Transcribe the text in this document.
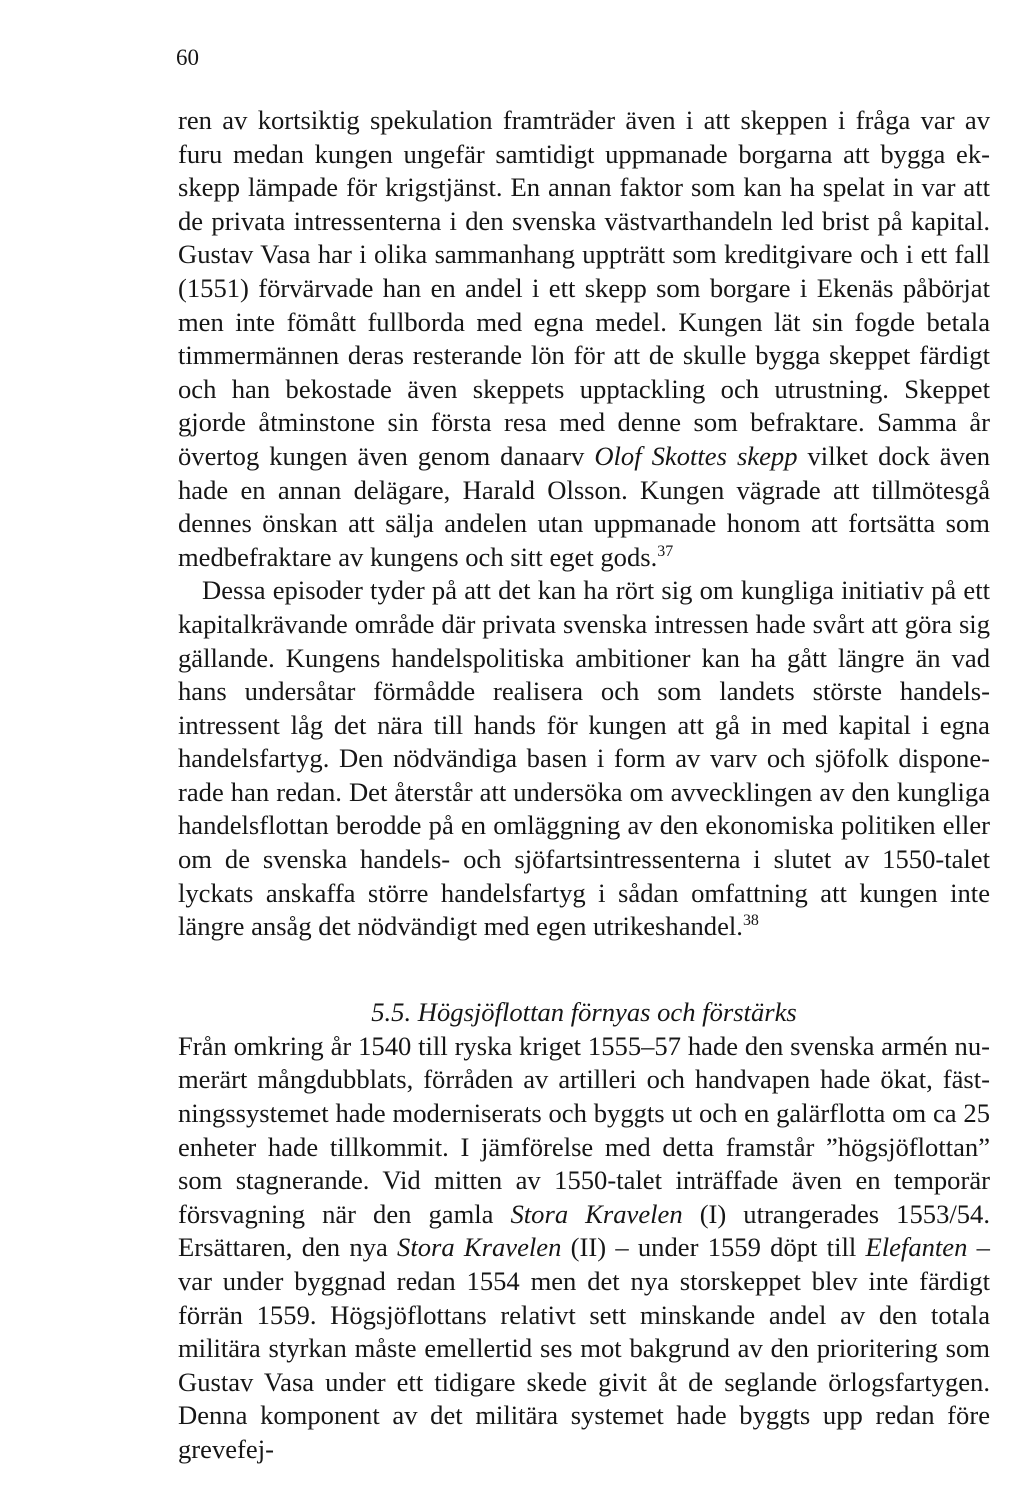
60

ren av kortsiktig spekulation framträder även i att skeppen i fråga var av furu medan kungen ungefär samtidigt uppmanade borgarna att bygga ekskepp lämpade för krigstjänst. En annan faktor som kan ha spelat in var att de privata intressenterna i den svenska västvarthandeln led brist på kapital. Gustav Vasa har i olika sammanhang uppträtt som kreditgivare och i ett fall (1551) förvärvade han en andel i ett skepp som borgare i Ekenäs påbörjat men inte fömått fullborda med egna medel. Kungen lät sin fogde betala timmermännen deras resterande lön för att de skulle bygga skeppet färdigt och han bekostade även skeppets upptackling och utrustning. Skeppet gjorde åtminstone sin första resa med denne som befraktare. Samma år övertog kungen även genom danaarv Olof Skottes skepp vilket dock även hade en annan delägare, Harald Olsson. Kungen vägrade att tillmötesgå dennes önskan att sälja andelen utan uppmanade honom att fortsätta som medbefraktare av kungens och sitt eget gods.$^{37}$

Dessa episoder tyder på att det kan ha rört sig om kungliga initiativ på ett kapitalkrävande område där privata svenska intressen hade svårt att göra sig gällande. Kungens handelspolitiska ambitioner kan ha gått längre än vad hans undersåtar förmådde realisera och som landets störste handelsintressent låg det nära till hands för kungen att gå in med kapital i egna handelsfartyg. Den nödvändiga basen i form av varv och sjöfolk disponerade han redan. Det återstår att undersöka om avvecklingen av den kungliga handelsflottan berodde på en omläggning av den ekonomiska politiken eller om de svenska handels- och sjöfartsintressenterna i slutet av 1550-talet lyckats anskaffa större handelsfartyg i sådan omfattning att kungen inte längre ansåg det nödvändigt med egen utrikeshandel.$^{38}$

5.5. Högsjöflottan förnyas och förstärks

Från omkring år 1540 till ryska kriget 1555–57 hade den svenska armén numerärt mångdubblats, förråden av artilleri och handvapen hade ökat, fästningssystemet hade moderniserats och byggts ut och en galärflotta om ca 25 enheter hade tillkommit. I jämförelse med detta framstår ”högsjöflottan” som stagnerande. Vid mitten av 1550-talet inträffade även en temporär försvagning när den gamla Stora Kravelen (I) utrangerades 1553/54. Ersättaren, den nya Stora Kravelen (II) – under 1559 döpt till Elefanten – var under byggnad redan 1554 men det nya storskeppet blev inte färdigt förrän 1559. Högsjöflottans relativt sett minskande andel av den totala militära styrkan måste emellertid ses mot bakgrund av den prioritering som Gustav Vasa under ett tidigare skede givit åt de seglande örlogsfartygen. Denna komponent av det militära systemet hade byggts upp redan före grevefej-
